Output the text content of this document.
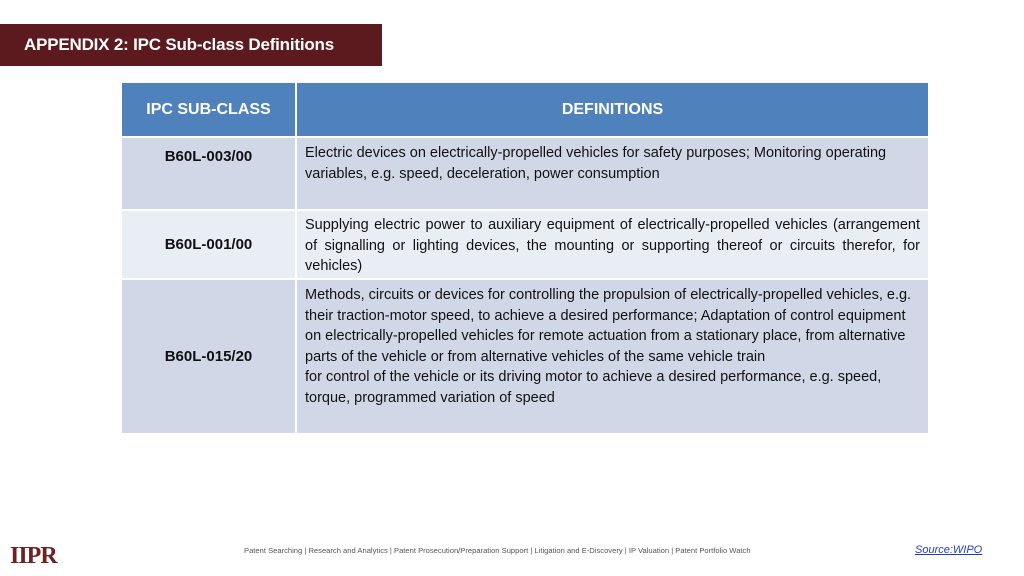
APPENDIX 2: IPC Sub-class Definitions
IPC SUB-CLASS	DEFINITIONS
B60L-003/00	Electric devices on electrically-propelled vehicles for safety purposes; Monitoring operating variables, e.g. speed, deceleration, power consumption
B60L-001/00	Supplying electric power to auxiliary equipment of electrically-propelled vehicles (arrangement of signalling or lighting devices, the mounting or supporting thereof or circuits therefor, for vehicles)
B60L-015/20	Methods, circuits or devices for controlling the propulsion of electrically-propelled vehicles, e.g. their traction-motor speed, to achieve a desired performance; Adaptation of control equipment on electrically-propelled vehicles for remote actuation from a stationary place, from alternative parts of the vehicle or from alternative vehicles of the same vehicle train
for control of the vehicle or its driving motor to achieve a desired performance, e.g. speed, torque, programmed variation of speed
IIPR	Patent Searching | Research and Analytics | Patent Prosecution/Preparation Support | Litigation and E-Discovery | IP Valuation | Patent Portfolio Watch	Source:WIPO
